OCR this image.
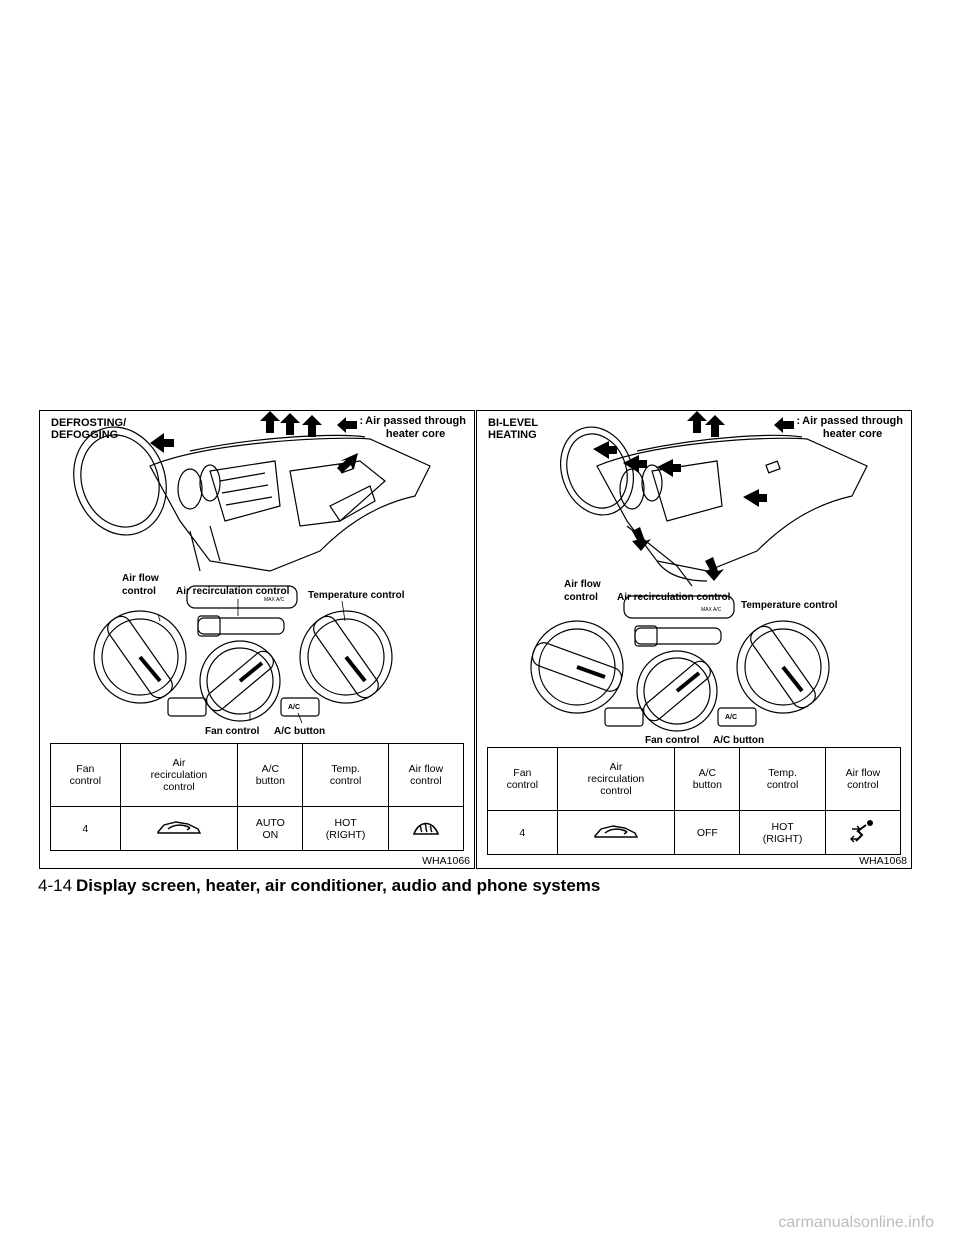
MAX A/C
A/C
DEFROSTING/
DEFOGGING
: Air passed through
heater core
Air flow
control Air recirculation control Temperature control
Fan control A/C button
Fan
control	Air
recirculation
control	A/C
button	Temp.
control	Air flow
control

4		AUTO
ON	HOT
(RIGHT)

WHA1066
MAX A/C
A/C
BI-LEVEL
HEATING
: Air passed through
heater core
Air flow
control Air recirculation control
Temperature control
Fan control A/C button
Fan
control	Air
recirculation
control	A/C
button	Temp.
control	Air flow
control

4		OFF	HOT
(RIGHT)

WHA1068
4-14 Display screen, heater, air conditioner, audio and phone systems
carmanualsonline.info
